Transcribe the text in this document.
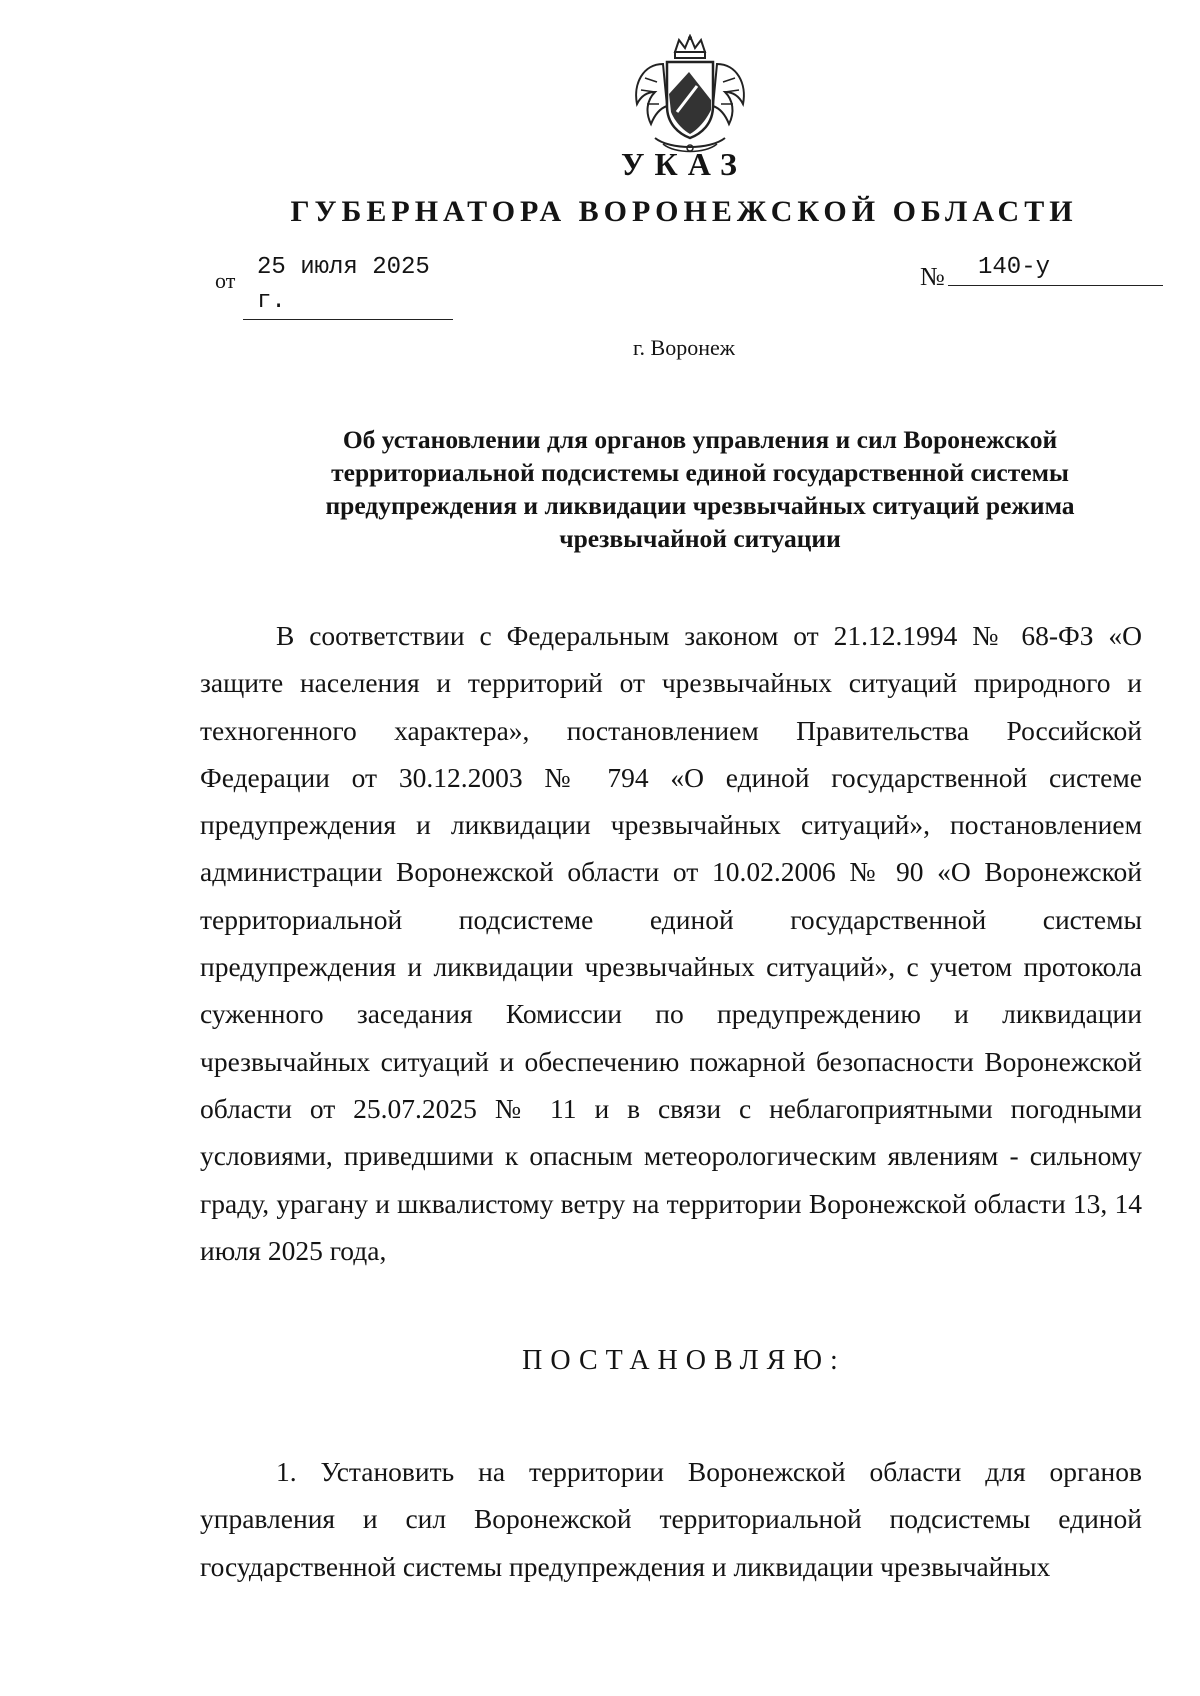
УКАЗ
ГУБЕРНАТОРА ВОРОНЕЖСКОЙ ОБЛАСТИ
от 25 июля 2025 г.
№	140-у
г. Воронеж
Об установлении для органов управления и сил Воронежской территориальной подсистемы единой государственной системы предупреждения и ликвидации чрезвычайных ситуаций режима чрезвычайной ситуации

В соответствии с Федеральным законом от 21.12.1994 № 68-ФЗ «О защите населения и территорий от чрезвычайных ситуаций природного и техногенного характера», постановлением Правительства Российской Федерации от 30.12.2003 № 794 «О единой государственной системе предупреждения и ликвидации чрезвычайных ситуаций», постановлением администрации Воронежской области от 10.02.2006 № 90 «О Воронежской территориальной подсистеме единой государственной системы предупреждения и ликвидации чрезвычайных ситуаций», с учетом протокола суженного заседания Комиссии по предупреждению и ликвидации чрезвычайных ситуаций и обеспечению пожарной безопасности Воронежской области от 25.07.2025 № 11 и в связи с неблагоприятными погодными условиями, приведшими к опасным метеорологическим явлениям - сильному граду, урагану и шквалистому ветру на территории Воронежской области 13, 14 июля 2025 года,

ПОСТАНОВЛЯЮ:

1. Установить на территории Воронежской области для органов управления и сил Воронежской территориальной подсистемы единой государственной системы предупреждения и ликвидации чрезвычайных
